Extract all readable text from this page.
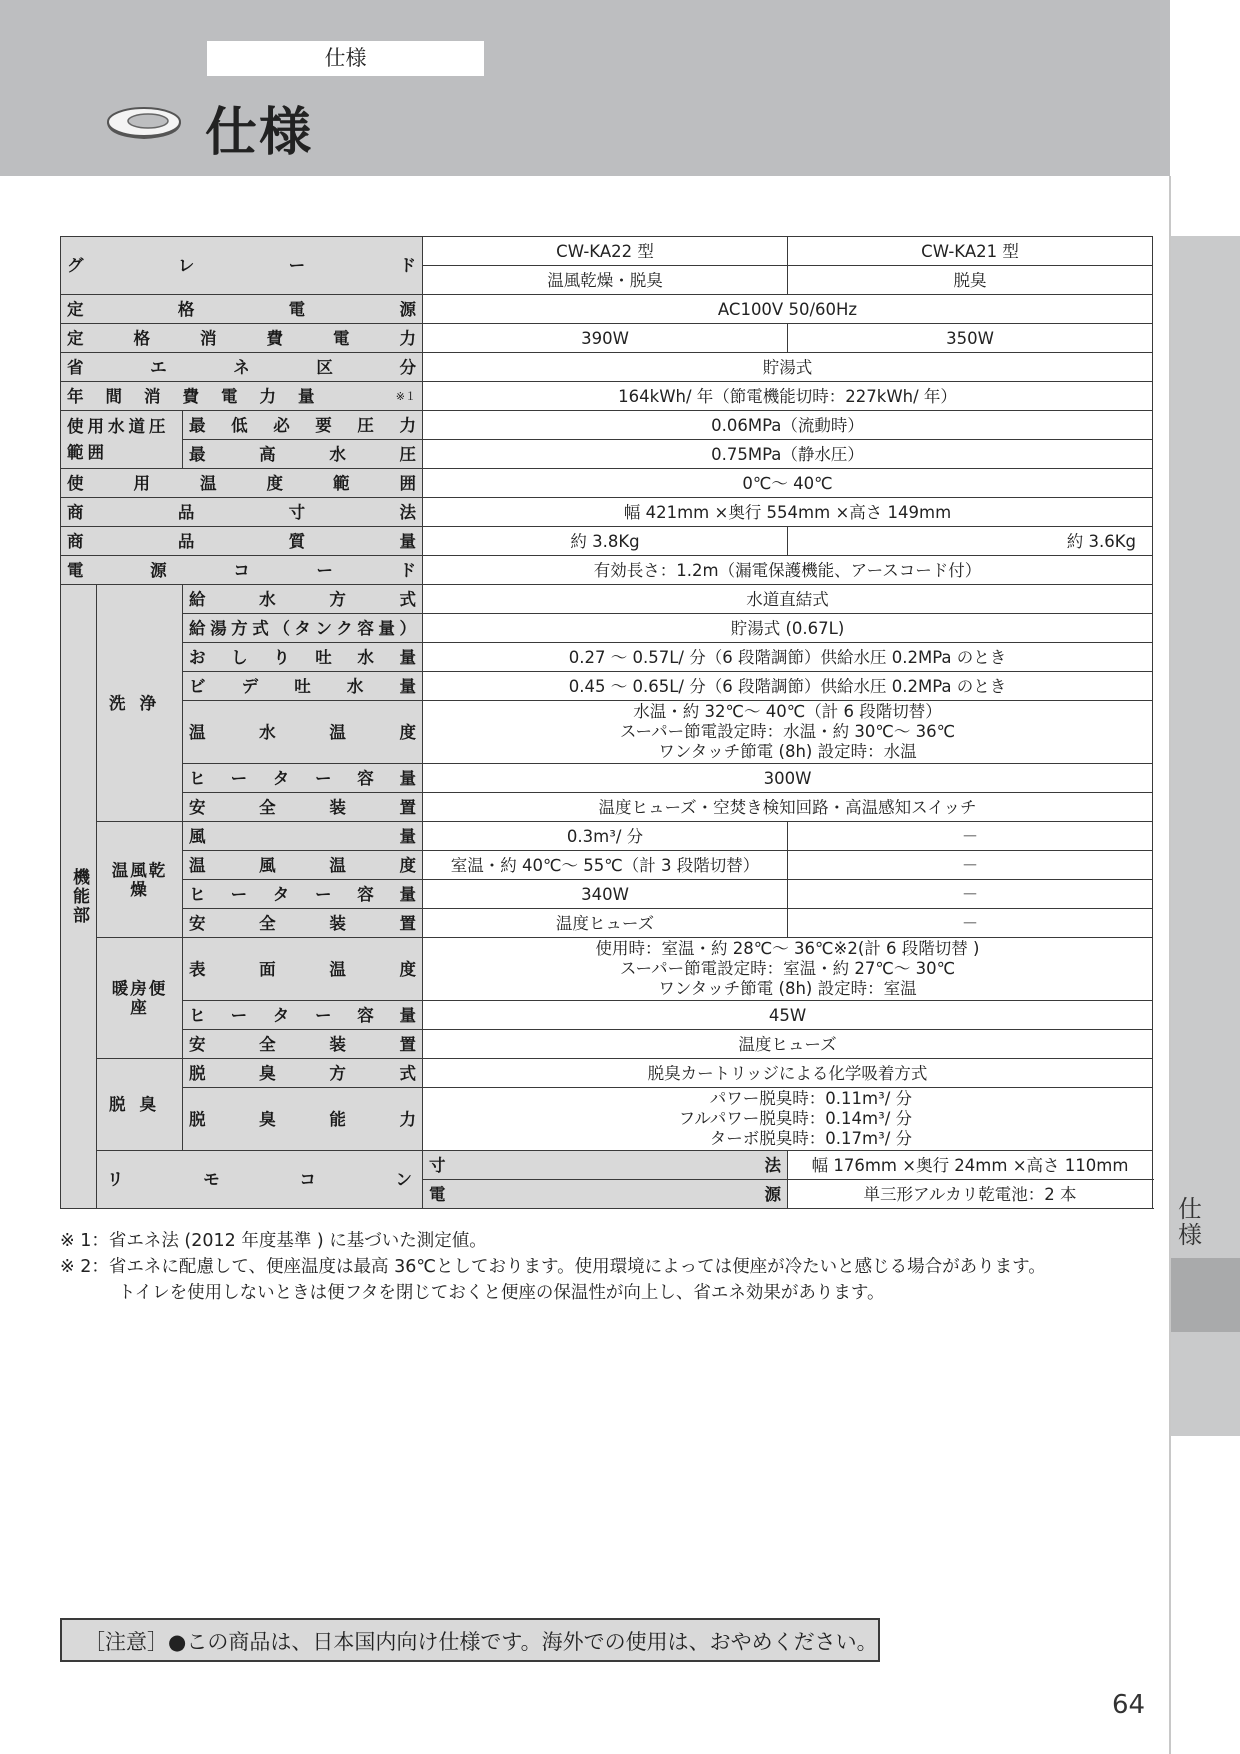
仕様
仕様
仕様
グレード			CW-KA22 型	CW-KA21 型
			温風乾燥・脱臭	脱臭
定格電源			AC100V 50/60Hz	
定格消費電力			390W	350W
省エネ区分			貯湯式	

年間消費電力量 ※１			164kWh/ 年（節電機能切時：227kWh/ 年）	
使用水道圧範囲		最低必要圧力	0.06MPa（流動時）	
		最高水圧	0.75MPa（静水圧）	
使用温度範囲			0℃～ 40℃	
商品寸法			幅 421mm ×奥行 554mm ×高さ 149mm	
商品質量			約 3.8Kg	約 3.6Kg
電源コード			有効長さ：1.2m（漏電保護機能、アースコード付）	

機能部	洗浄	給水方式	水道直結式	
		給湯方式（タンク容量）	貯湯式 (0.67L)	
		おしり吐水量	0.27 ～ 0.57L/ 分（6 段階調節）供給水圧 0.2MPa のとき	
		ビデ吐水量	0.45 ～ 0.65L/ 分（6 段階調節）供給水圧 0.2MPa のとき	
		温水温度	水温・約 32℃～ 40℃（計 6 段階切替）
スーパー節電設定時：水温・約 30℃～ 36℃
ワンタッチ節電 (8h) 設定時：水温	

		ヒーター容量	300W	
		安全装置	温度ヒューズ・空焚き検知回路・高温感知スイッチ	
	温風乾燥	風量	0.3m³/ 分	－
		温風温度	室温・約 40℃～ 55℃（計 3 段階切替）	－
		ヒーター容量	340W	－
		安全装置	温度ヒューズ	－
	暖房便座	表面温度	使用時：室温・約 28℃～ 36℃※2(計 6 段階切替 )
スーパー節電設定時：室温・約 27℃～ 30℃
ワンタッチ節電 (8h) 設定時：室温	

		ヒーター容量	45W	
		安全装置	温度ヒューズ	
	脱臭	脱臭方式	脱臭カートリッジによる化学吸着方式	
		脱臭能力	パワー脱臭時：0.11m³/ 分
フルパワー脱臭時：0.14m³/ 分
ターボ脱臭時：0.17m³/ 分	

	リモコン		寸法	幅 176mm ×奥行 24mm ×高さ 110mm
			電源	単三形アルカリ乾電池：2 本
※ 1：省エネ法 (2012 年度基準 ) に基づいた測定値。
※ 2：省エネに配慮して、便座温度は最高 36℃としております。使用環境によっては便座が冷たいと感じる場合があります。
トイレを使用しないときは便フタを閉じておくと便座の保温性が向上し、省エネ効果があります。
［注意］●この商品は、日本国内向け仕様です。海外での使用は、おやめください。
64
